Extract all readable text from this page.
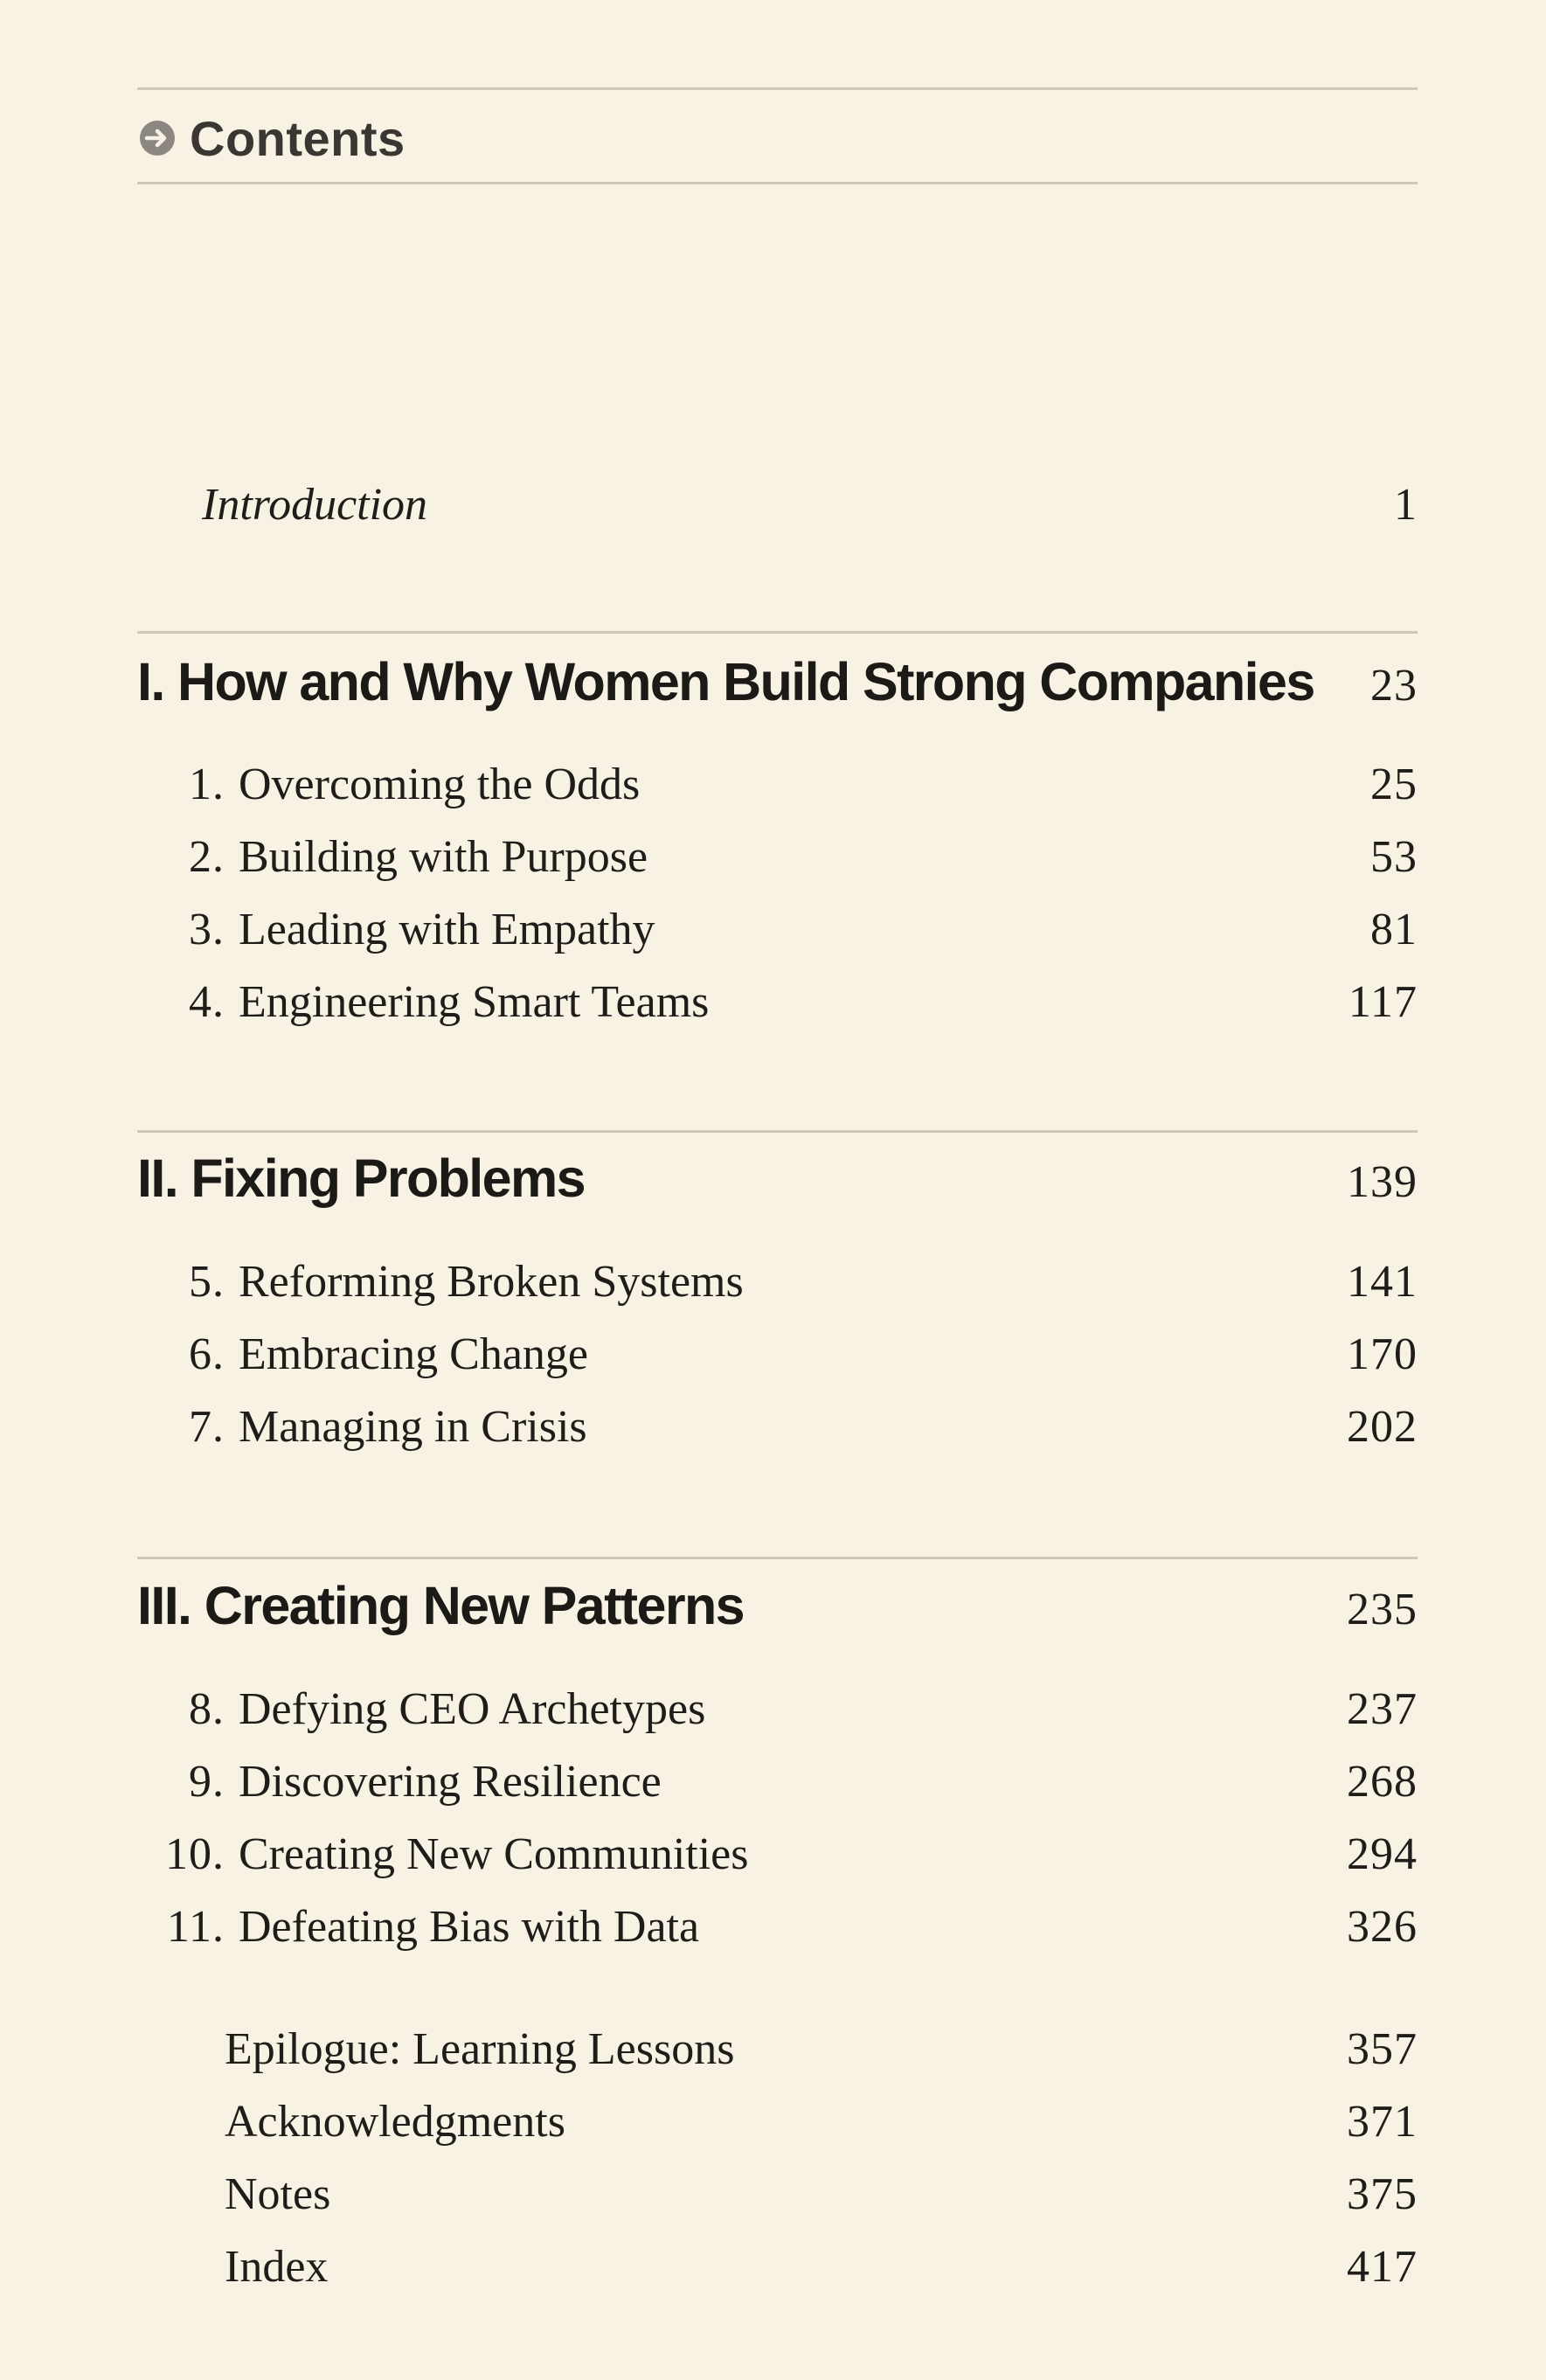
Contents
Introduction	1
I. How and Why Women Build Strong Companies	23
1. Overcoming the Odds	25
2. Building with Purpose	53
3. Leading with Empathy	81
4. Engineering Smart Teams	117
II. Fixing Problems	139
5. Reforming Broken Systems	141
6. Embracing Change	170
7. Managing in Crisis	202
III. Creating New Patterns	235
8. Defying CEO Archetypes	237
9. Discovering Resilience	268
10. Creating New Communities	294
11. Defeating Bias with Data	326
Epilogue: Learning Lessons	357
Acknowledgments	371
Notes	375
Index	417
